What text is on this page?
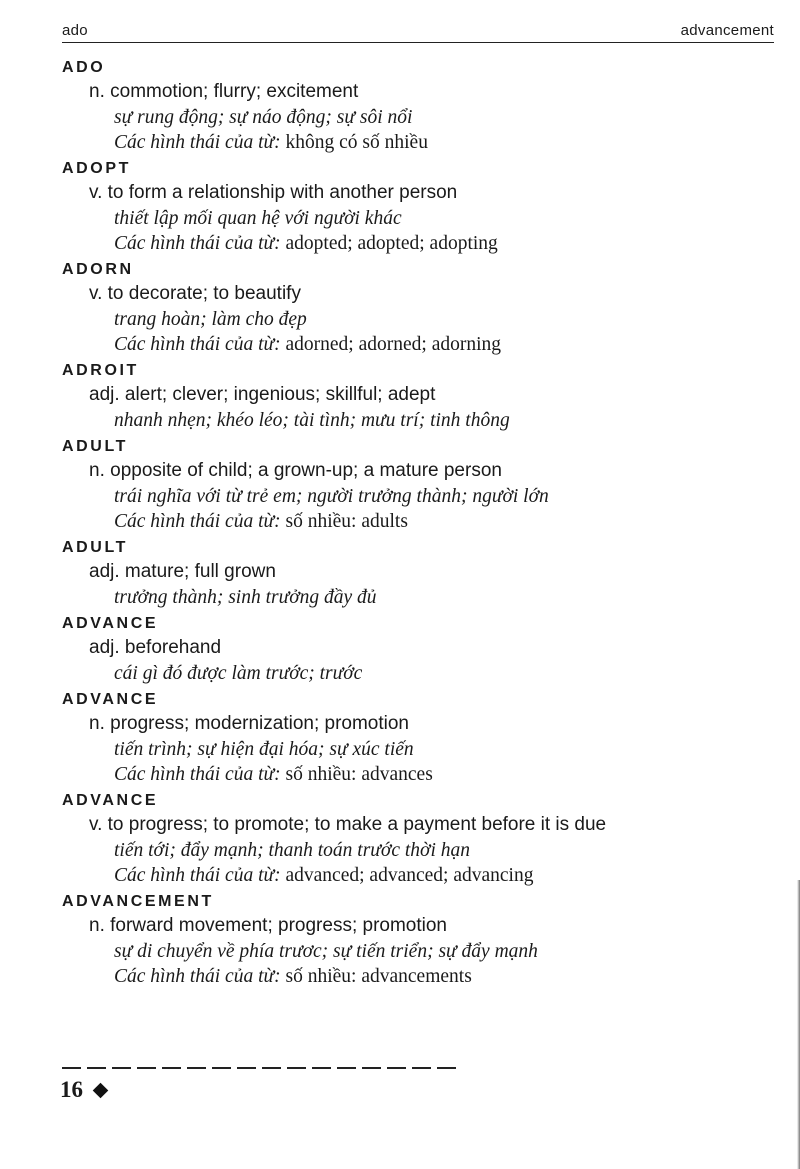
ado	advancement
ADO
n. commotion; flurry; excitement
sự rung động; sự náo động; sự sôi nổi
Các hình thái của từ: không có số nhiều
ADOPT
v. to form a relationship with another person
thiết lập mối quan hệ với người khác
Các hình thái của từ: adopted; adopted; adopting
ADORN
v. to decorate; to beautify
trang hoàn; làm cho đẹp
Các hình thái của từ: adorned; adorned; adorning
ADROIT
adj. alert; clever; ingenious; skillful; adept
nhanh nhẹn; khéo léo; tài tình; mưu trí; tinh thông
ADULT
n. opposite of child; a grown-up; a mature person
trái nghĩa với từ trẻ em; người trưởng thành; người lớn
Các hình thái của từ: số nhiều: adults
ADULT
adj. mature; full grown
trưởng thành; sinh trưởng đầy đủ
ADVANCE
adj. beforehand
cái gì đó được làm trước; trước
ADVANCE
n. progress; modernization; promotion
tiến trình; sự hiện đại hóa; sự xúc tiến
Các hình thái của từ: số nhiều: advances
ADVANCE
v. to progress; to promote; to make a payment before it is due
tiến tới; đẩy mạnh; thanh toán trước thời hạn
Các hình thái của từ: advanced; advanced; advancing
ADVANCEMENT
n. forward movement; progress; promotion
sự di chuyển về phía trươc; sự tiến triển; sự đẩy mạnh
Các hình thái của từ: số nhiều: advancements
16
